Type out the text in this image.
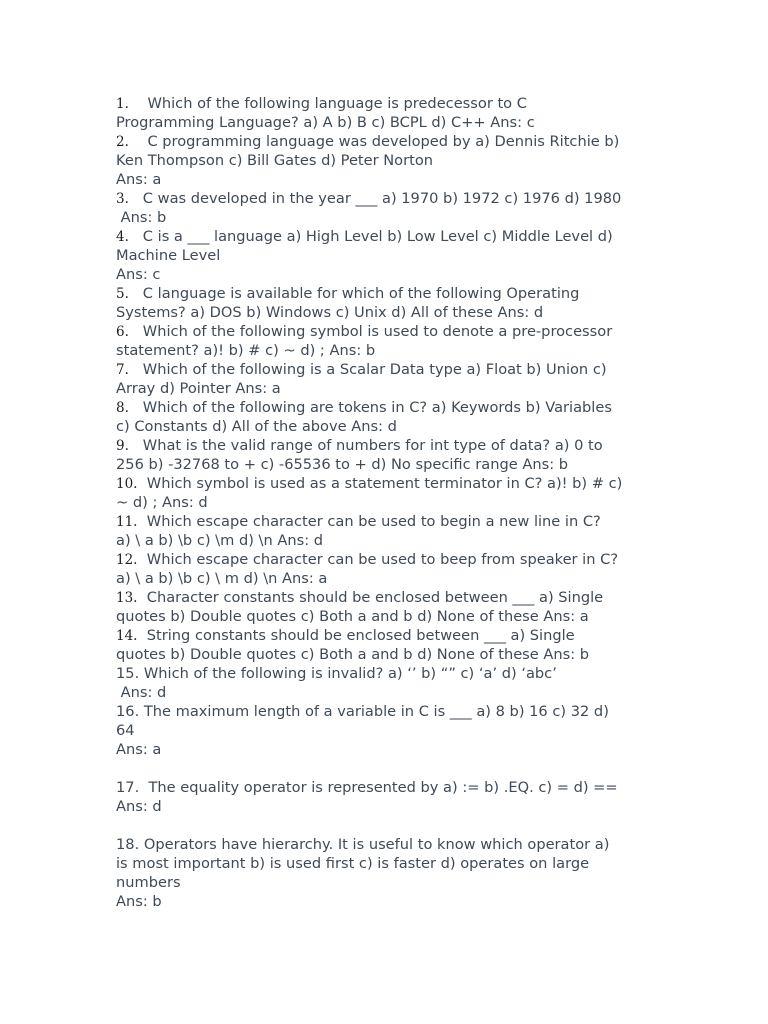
1.    Which of the following language is predecessor to C
Programming Language? a) A b) B c) BCPL d) C++ Ans: c
2.    C programming language was developed by a) Dennis Ritchie b)
Ken Thompson c) Bill Gates d) Peter Norton
Ans: a
3.   C was developed in the year ___ a) 1970 b) 1972 c) 1976 d) 1980
Ans: b
4.   C is a ___ language a) High Level b) Low Level c) Middle Level d)
Machine Level
Ans: c
5.   C language is available for which of the following Operating
Systems? a) DOS b) Windows c) Unix d) All of these Ans: d
6.   Which of the following symbol is used to denote a pre-processor
statement? a)! b) # c) ~ d) ; Ans: b
7.   Which of the following is a Scalar Data type a) Float b) Union c)
Array d) Pointer Ans: a
8.   Which of the following are tokens in C? a) Keywords b) Variables
c) Constants d) All of the above Ans: d
9.   What is the valid range of numbers for int type of data? a) 0 to
256 b) -32768 to + c) -65536 to + d) No specific range Ans: b
10.  Which symbol is used as a statement terminator in C? a)! b) # c)
~ d) ; Ans: d
11.  Which escape character can be used to begin a new line in C?
a) \ a b) \b c) \m d) \n Ans: d
12.  Which escape character can be used to beep from speaker in C?
a) \ a b) \b c) \ m d) \n Ans: a
13.  Character constants should be enclosed between ___ a) Single
quotes b) Double quotes c) Both a and b d) None of these Ans: a
14.  String constants should be enclosed between ___ a) Single
quotes b) Double quotes c) Both a and b d) None of these Ans: b
15. Which of the following is invalid? a) ‘’ b) “” c) ‘a’ d) ‘abc’
Ans: d
16. The maximum length of a variable in C is ___ a) 8 b) 16 c) 32 d)
64
Ans: a
17.  The equality operator is represented by a) := b) .EQ. c) = d) ==
Ans: d
18. Operators have hierarchy. It is useful to know which operator a)
is most important b) is used first c) is faster d) operates on large
numbers
Ans: b
